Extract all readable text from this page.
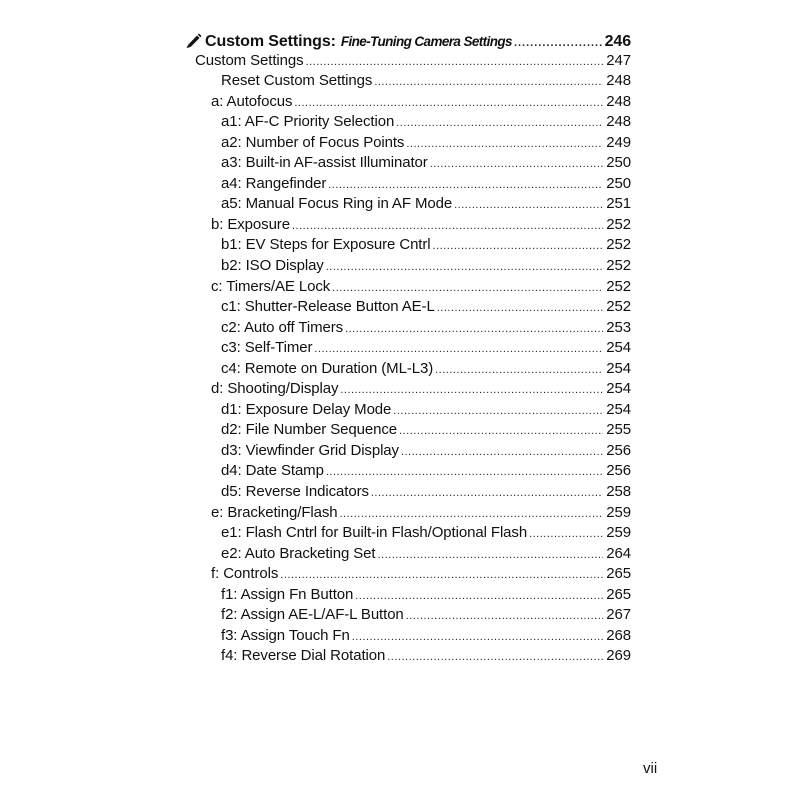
Custom Settings: Fine-Tuning Camera Settings .....	246
Custom Settings .....	247
Reset Custom Settings .....	248
a: Autofocus .....	248
a1: AF-C Priority Selection .....	248
a2: Number of Focus Points .....	249
a3: Built-in AF-assist Illuminator .....	250
a4: Rangefinder .....	250
a5: Manual Focus Ring in AF Mode .....	251
b: Exposure .....	252
b1: EV Steps for Exposure Cntrl .....	252
b2: ISO Display .....	252
c: Timers/AE Lock .....	252
c1: Shutter-Release Button AE-L .....	252
c2: Auto off Timers .....	253
c3: Self-Timer .....	254
c4: Remote on Duration (ML-L3) .....	254
d: Shooting/Display .....	254
d1: Exposure Delay Mode .....	254
d2: File Number Sequence .....	255
d3: Viewfinder Grid Display .....	256
d4: Date Stamp .....	256
d5: Reverse Indicators .....	258
e: Bracketing/Flash .....	259
e1: Flash Cntrl for Built-in Flash/Optional Flash .....	259
e2: Auto Bracketing Set .....	264
f: Controls .....	265
f1: Assign Fn Button .....	265
f2: Assign AE-L/AF-L Button .....	267
f3: Assign Touch Fn .....	268
f4: Reverse Dial Rotation .....	269
vii
